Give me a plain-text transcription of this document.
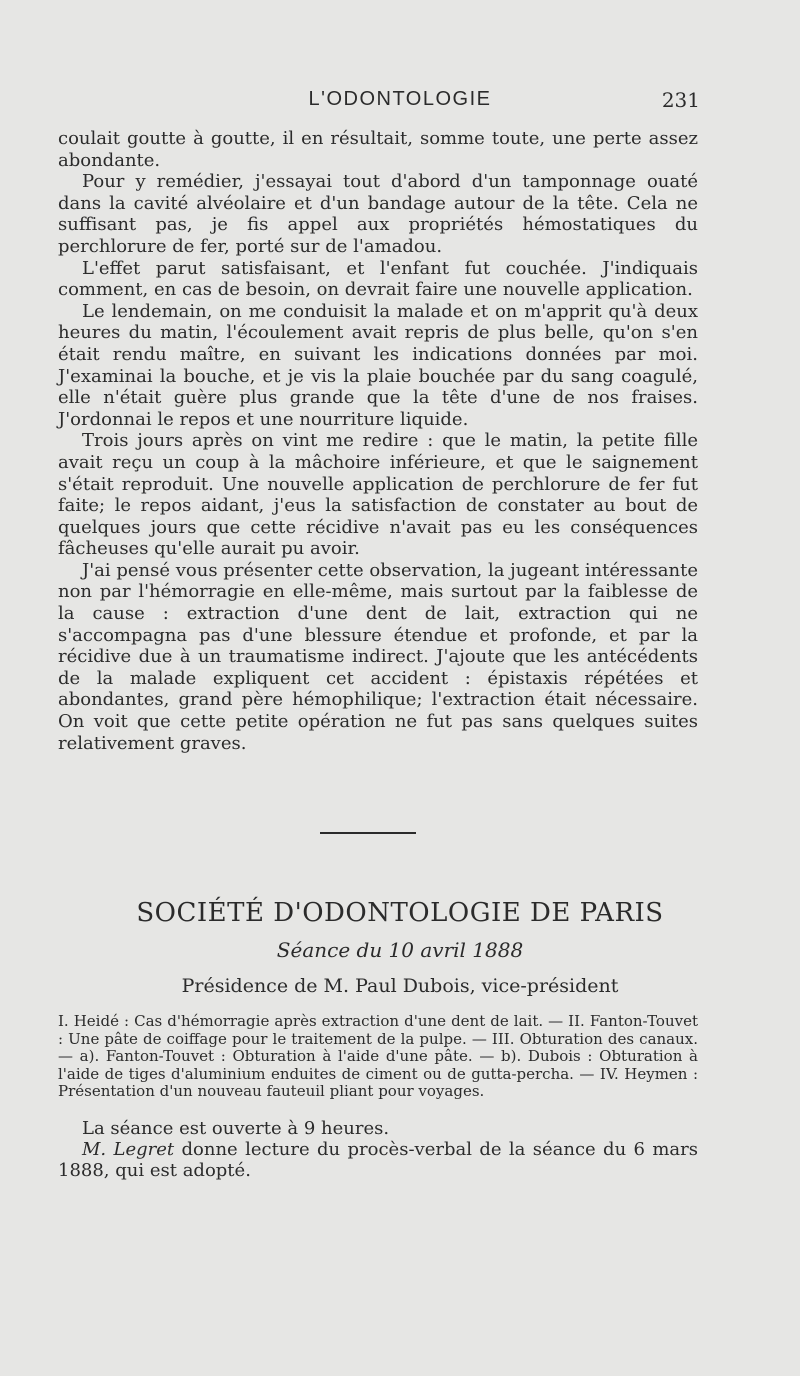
L'ODONTOLOGIE	231

coulait goutte à goutte, il en résultait, somme toute, une perte assez abondante.

Pour y remédier, j'essayai tout d'abord d'un tamponnage ouaté dans la cavité alvéolaire et d'un bandage autour de la tête. Cela ne suffisant pas, je fis appel aux propriétés hémostatiques du perchlorure de fer, porté sur de l'amadou.

L'effet parut satisfaisant, et l'enfant fut couchée. J'indiquais comment, en cas de besoin, on devrait faire une nouvelle application.

Le lendemain, on me conduisit la malade et on m'apprit qu'à deux heures du matin, l'écoulement avait repris de plus belle, qu'on s'en était rendu maître, en suivant les indications données par moi. J'examinai la bouche, et je vis la plaie bouchée par du sang coagulé, elle n'était guère plus grande que la tête d'une de nos fraises. J'ordonnai le repos et une nourriture liquide.

Trois jours après on vint me redire : que le matin, la petite fille avait reçu un coup à la mâchoire inférieure, et que le saignement s'était reproduit. Une nouvelle application de perchlorure de fer fut faite; le repos aidant, j'eus la satisfaction de constater au bout de quelques jours que cette récidive n'avait pas eu les conséquences fâcheuses qu'elle aurait pu avoir.

J'ai pensé vous présenter cette observation, la jugeant intéressante non par l'hémorragie en elle-même, mais surtout par la faiblesse de la cause : extraction d'une dent de lait, extraction qui ne s'accompagna pas d'une blessure étendue et profonde, et par la récidive due à un traumatisme indirect. J'ajoute que les antécédents de la malade expliquent cet accident : épistaxis répétées et abondantes, grand père hémophilique; l'extraction était nécessaire. On voit que cette petite opération ne fut pas sans quelques suites relativement graves.

SOCIÉTÉ D'ODONTOLOGIE DE PARIS
Séance du 10 avril 1888
Présidence de M. Paul Dubois, vice-président
I. Heidé : Cas d'hémorragie après extraction d'une dent de lait. — II. Fanton-Touvet : Une pâte de coiffage pour le traitement de la pulpe. — III. Obturation des canaux. — a). Fanton-Touvet : Obturation à l'aide d'une pâte. — b). Dubois : Obturation à l'aide de tiges d'aluminium enduites de ciment ou de gutta-percha. — IV. Heymen : Présentation d'un nouveau fauteuil pliant pour voyages.

La séance est ouverte à 9 heures.

M. Legret donne lecture du procès-verbal de la séance du 6 mars 1888, qui est adopté.
